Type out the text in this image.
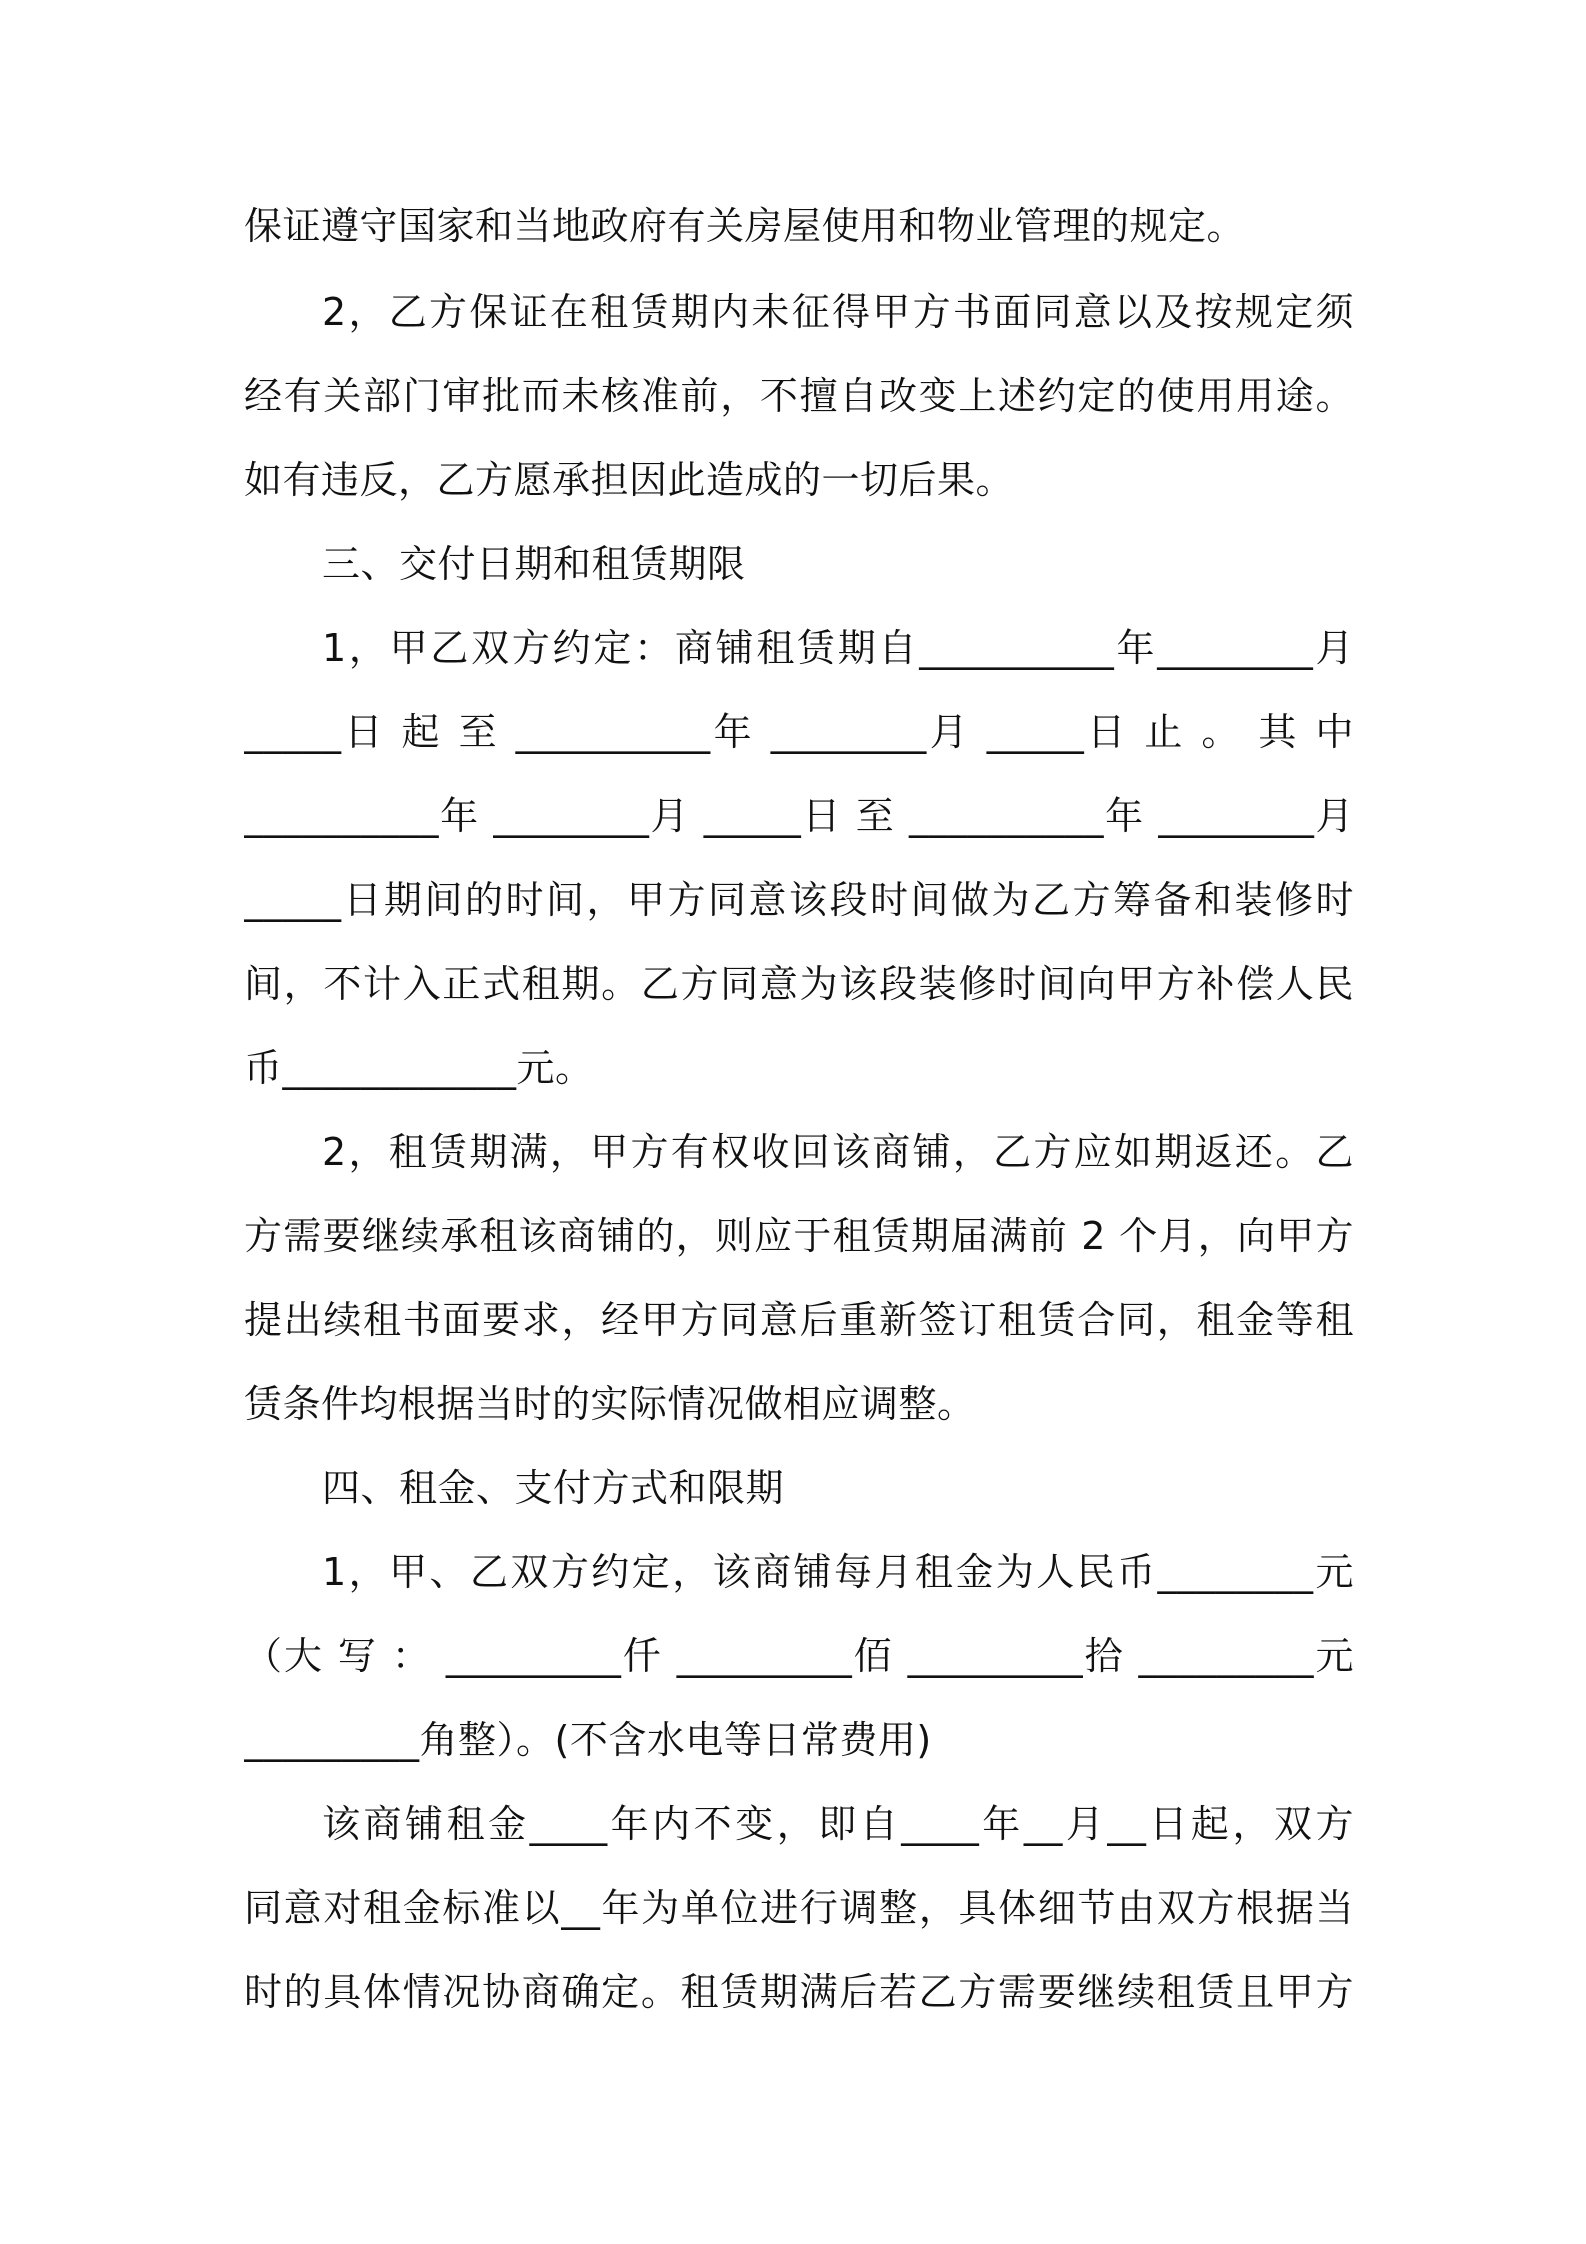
保证遵守国家和当地政府有关房屋使用和物业管理的规定。
2，乙方保证在租赁期内未征得甲方书面同意以及按规定须
经有关部门审批而未核准前，不擅自改变上述约定的使用用途。
如有违反，乙方愿承担因此造成的一切后果。
三、交付日期和租赁期限
1，甲乙双方约定：商铺租赁期自__________年________月
_____日 起 至 __________年 ________月 _____日 止 。 其 中
__________年 ________月 _____日 至 __________年 ________月
_____日期间的时间，甲方同意该段时间做为乙方筹备和装修时
间，不计入正式租期。乙方同意为该段装修时间向甲方补偿人民
币____________元。
2，租赁期满，甲方有权收回该商铺，乙方应如期返还。乙
方需要继续承租该商铺的，则应于租赁期届满前 2 个月，向甲方
提出续租书面要求，经甲方同意后重新签订租赁合同，租金等租
赁条件均根据当时的实际情况做相应调整。
四、租金、支付方式和限期
1，甲、乙双方约定，该商铺每月租金为人民币________元
（大 写 ： _________仟 _________佰 _________拾 _________元
_________角整）。(不含水电等日常费用)
该商铺租金____年内不变，即自____年__月__日起，双方
同意对租金标准以__年为单位进行调整，具体细节由双方根据当
时的具体情况协商确定。租赁期满后若乙方需要继续租赁且甲方
